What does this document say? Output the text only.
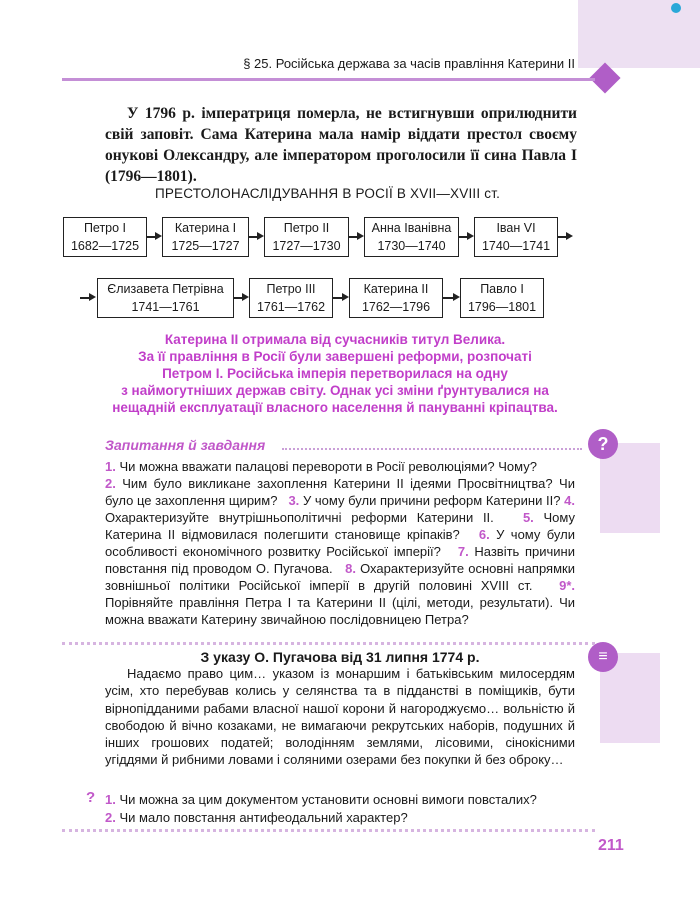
?
≡
§ 25. Російська держава за часів правління Катерини ІІ
У 1796 р. імператриця померла, не встигнувши оприлюднити свій заповіт. Сама Катерина мала намір віддати престол своєму онукові Олександру, але імператором проголосили її сина Павла І (1796—1801).
ПРЕСТОЛОНАСЛІДУВАННЯ В РОСІЇ В XVII—XVIII ст.
Петро І
1682—1725
Катерина І
1725—1727
Петро ІІ
1727—1730
Анна Іванівна
1730—1740
Іван VІ
1740—1741
Єлизавета Петрівна
1741—1761
Петро ІІІ
1761—1762
Катерина ІІ
1762—1796
Павло І
1796—1801
Катерина ІІ отримала від сучасників титул Велика.
За її правління в Росії були завершені реформи, розпочаті
Петром І. Російська імперія перетворилася на одну
з наймогутніших держав світу. Однак усі зміни ґрунтувалися на
нещадній експлуатації власного населення й пануванні кріпацтва.
Запитання й завдання
1. Чи можна вважати палацові перевороти в Росії революціями? Чому?
2. Чим було викликане захоплення Катерини ІІ ідеями Просвітництва? Чи було це захоплення щирим? 3. У чому були причини реформ Катерини ІІ? 4. Охарактеризуйте внутрішньополітичні реформи Катерини ІІ. 5. Чому Катерина ІІ відмовилася полегшити становище кріпаків? 6. У чому були особливості економічного розвитку Російської імперії? 7. Назвіть причини повстання під проводом О. Пугачова. 8. Охарактеризуйте основні напрямки зовнішньої політики Російської імперії в другій половині XVIII ст. 9*. Порівняйте правління Петра І та Катерини ІІ (цілі, методи, результати). Чи можна вважати Катерину звичайною послідовницею Петра?
З указу О. Пугачова від 31 липня 1774 р.
Надаємо право цим… указом із монаршим і батьківським милосердям усім, хто перебував колись у селянства та в підданстві в поміщиків, бути вірнопідданими рабами власної нашої корони й нагороджуємо… вольністю й свободою й вічно козаками, не вимагаючи рекрутських наборів, подушних й інших грошових податей; володінням землями, лісовими, сінокісними угіддями й рибними ловами і соляними озерами без покупки й без оброку…
? 1. Чи можна за цим документом установити основні вимоги повсталих?
2. Чи мало повстання антифеодальний характер?
211
